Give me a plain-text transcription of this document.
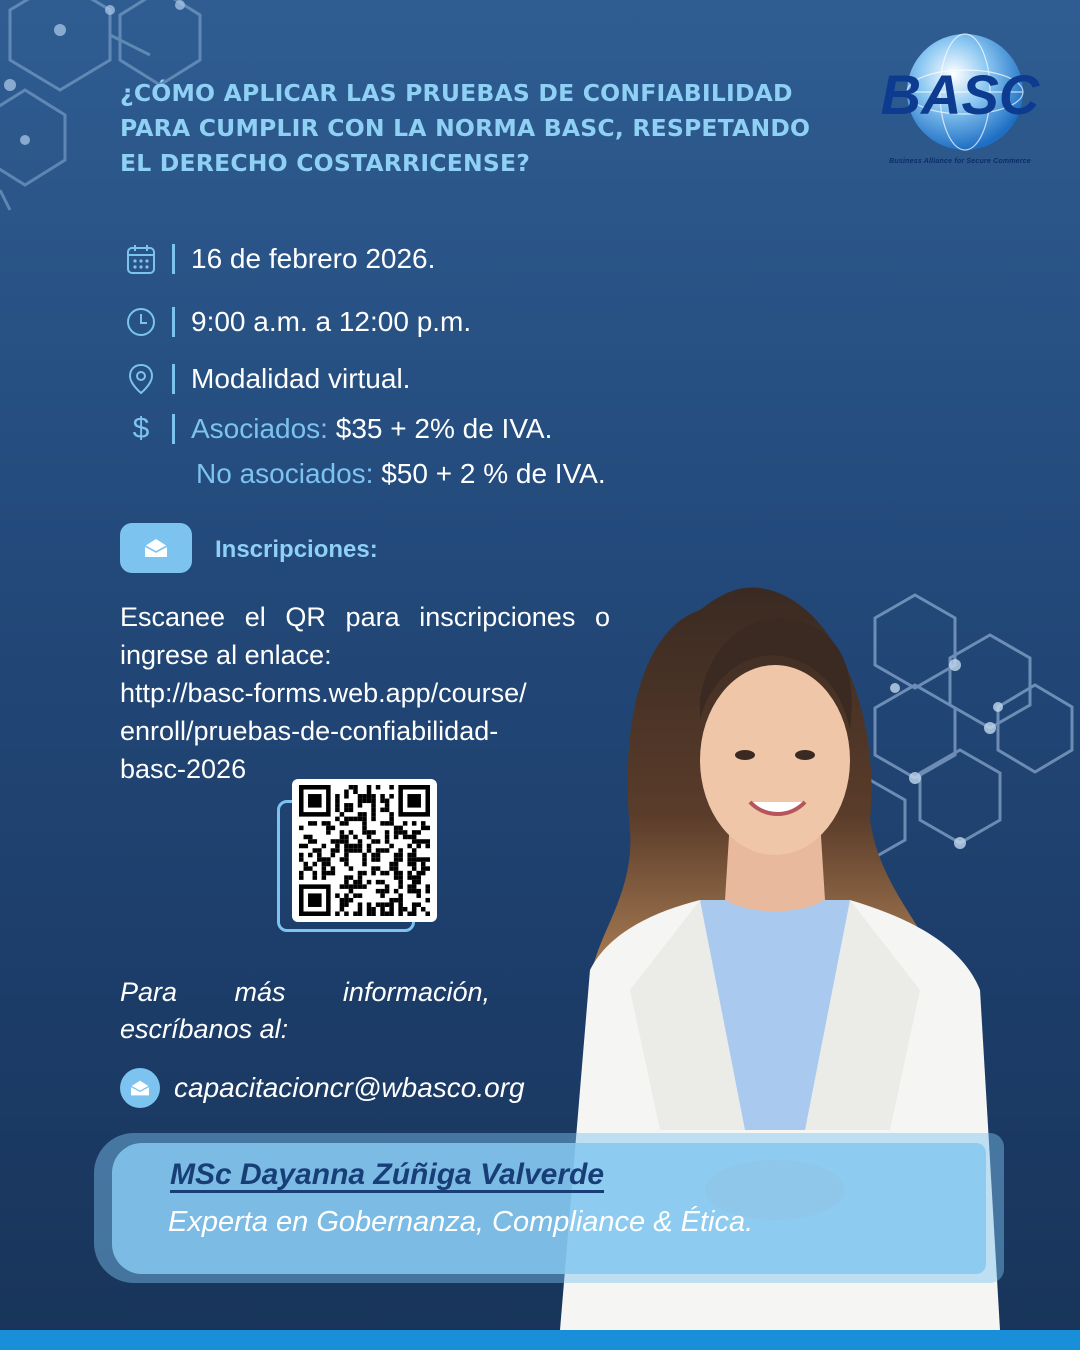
¿CÓMO APLICAR LAS PRUEBAS DE CONFIABILIDAD
PARA CUMPLIR CON LA NORMA BASC, RESPETANDO
EL DERECHO COSTARRICENSE?
BASC
Business Alliance for Secure Commerce
16 de febrero 2026.
9:00 a.m. a 12:00 p.m.
Modalidad virtual.
$ Asociados: $35 + 2% de IVA.
No asociados: $50 + 2 % de IVA.
Inscripciones:
Escanee el QR para inscripciones o ingrese al enlace:
http://basc-forms.web.app/course/
enroll/pruebas-de-confiabilidad-
basc-2026
Para más información, escríbanos al:
capacitacioncr@wbasco.org
MSc Dayanna Zúñiga Valverde
Experta en Gobernanza, Compliance & Ética.
